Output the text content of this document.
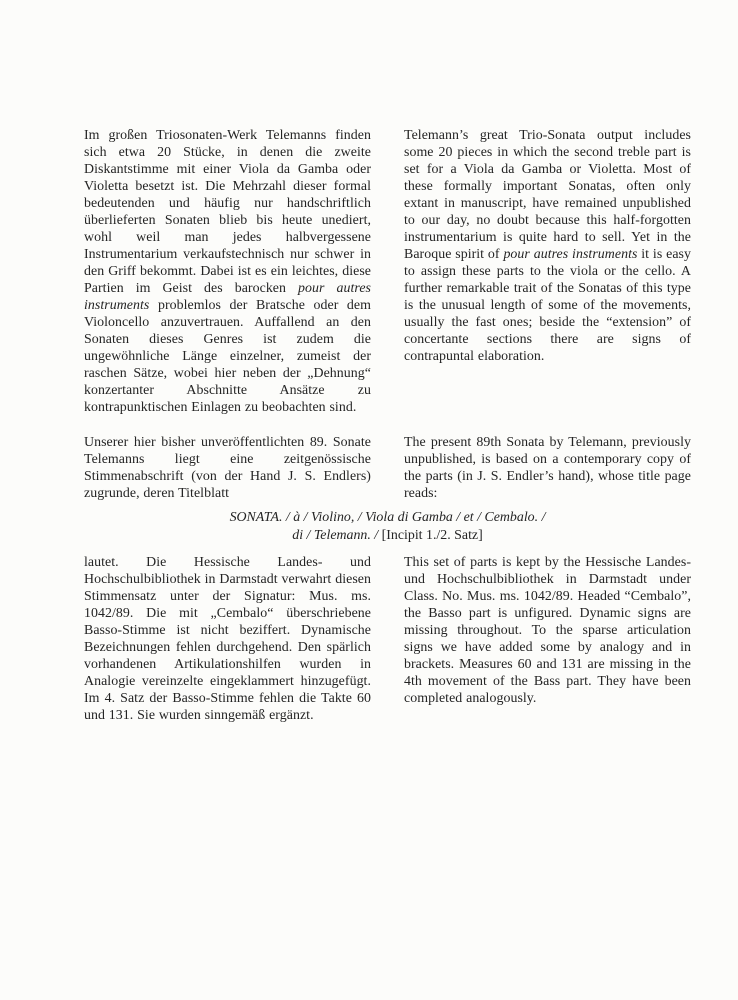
Im großen Triosonaten-Werk Telemanns finden sich etwa 20 Stücke, in denen die zweite Diskantstimme mit einer Viola da Gamba oder Violetta besetzt ist. Die Mehrzahl dieser formal bedeutenden und häufig nur handschriftlich überlieferten Sonaten blieb bis heute unediert, wohl weil man jedes halbvergessene Instrumentarium verkaufstechnisch nur schwer in den Griff bekommt. Dabei ist es ein leichtes, diese Partien im Geist des barocken pour autres instruments problemlos der Bratsche oder dem Violoncello anzuvertrauen. Auffallend an den Sonaten dieses Genres ist zudem die ungewöhnliche Länge einzelner, zumeist der raschen Sätze, wobei hier neben der „Dehnung“ konzertanter Abschnitte Ansätze zu kontrapunktischen Einlagen zu beobachten sind.

Telemann’s great Trio-Sonata output includes some 20 pieces in which the second treble part is set for a Viola da Gamba or Violetta. Most of these formally important Sonatas, often only extant in manuscript, have remained unpublished to our day, no doubt because this half-forgotten instrumentarium is quite hard to sell. Yet in the Baroque spirit of pour autres instruments it is easy to assign these parts to the viola or the cello. A further remarkable trait of the Sonatas of this type is the unusual length of some of the movements, usually the fast ones; beside the “extension” of concertante sections there are signs of contrapuntal elaboration.

Unserer hier bisher unveröffentlichten 89. Sonate Telemanns liegt eine zeitgenössische Stimmenabschrift (von der Hand J. S. Endlers) zugrunde, deren Titelblatt

The present 89th Sonata by Telemann, previously unpublished, is based on a contemporary copy of the parts (in J. S. Endler’s hand), whose title page reads:

SONATA. / à / Violino, / Viola di Gamba / et / Cembalo. /
di / Telemann. / [Incipit 1./2. Satz]

lautet. Die Hessische Landes- und Hochschulbibliothek in Darmstadt verwahrt diesen Stimmensatz unter der Signatur: Mus. ms. 1042/89. Die mit „Cembalo“ überschriebene Basso-Stimme ist nicht beziffert. Dynamische Bezeichnungen fehlen durchgehend. Den spärlich vorhandenen Artikulationshilfen wurden in Analogie vereinzelte eingeklammert hinzugefügt. Im 4. Satz der Basso-Stimme fehlen die Takte 60 und 131. Sie wurden sinngemäß ergänzt.

This set of parts is kept by the Hessische Landes- und Hochschulbibliothek in Darmstadt under Class. No. Mus. ms. 1042/89. Headed “Cembalo”, the Basso part is unfigured. Dynamic signs are missing throughout. To the sparse articulation signs we have added some by analogy and in brackets. Measures 60 and 131 are missing in the 4th movement of the Bass part. They have been completed analogously.
